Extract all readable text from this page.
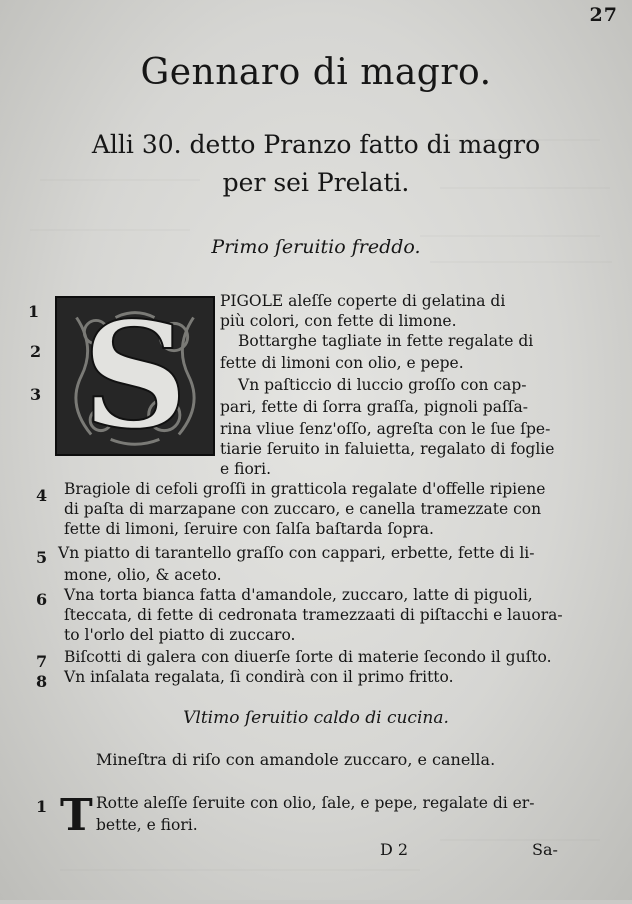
27
Gennaro di magro.
Alli 30. detto Pranzo fatto di magro
per sei Prelati.
Primo ſeruitio freddo.
S
1
2
3
4
5
6
7
8
PIGOLE aleſſe coperte di gelatina di
più colori, con fette di limone.
Bottarghe tagliate in fette regalate di
fette di limoni con olio, e pepe.
Vn paſticcio di luccio groſſo con cap-
pari, fette di ſorra graſſa, pignoli paſſa-
rina vliue ſenz'oſſo, agreſta con le ſue ſpe-
tiarie ſeruito in faluietta, regalato di foglie
e fiori.
Bragiole di cefoli groſſi in gratticola regalate d'offelle ripiene
di paſta di marzapane con zuccaro, e canella tramezzate con
fette di limoni, ſeruire con ſalſa baſtarda ſopra.
Vn piatto di tarantello graſſo con cappari, erbette, fette di li-
mone, olio, & aceto.
Vna torta bianca fatta d'amandole, zuccaro, latte di piguoli,
ſteccata, di fette di cedronata tramezzaati di piſtacchi e lauora-
to l'orlo del piatto di zuccaro.
Biſcotti di galera con diuerſe ſorte di materie ſecondo il guſto.
Vn inſalata regalata, ſi condirà con il primo fritto.
Vltimo ſeruitio caldo di cucina.
Mineſtra di riſo con amandole zuccaro, e canella.
1 T Rotte aleſſe ſeruite con olio, ſale, e pepe, regalate di er-
bette, e fiori.
D 2	Sa-
